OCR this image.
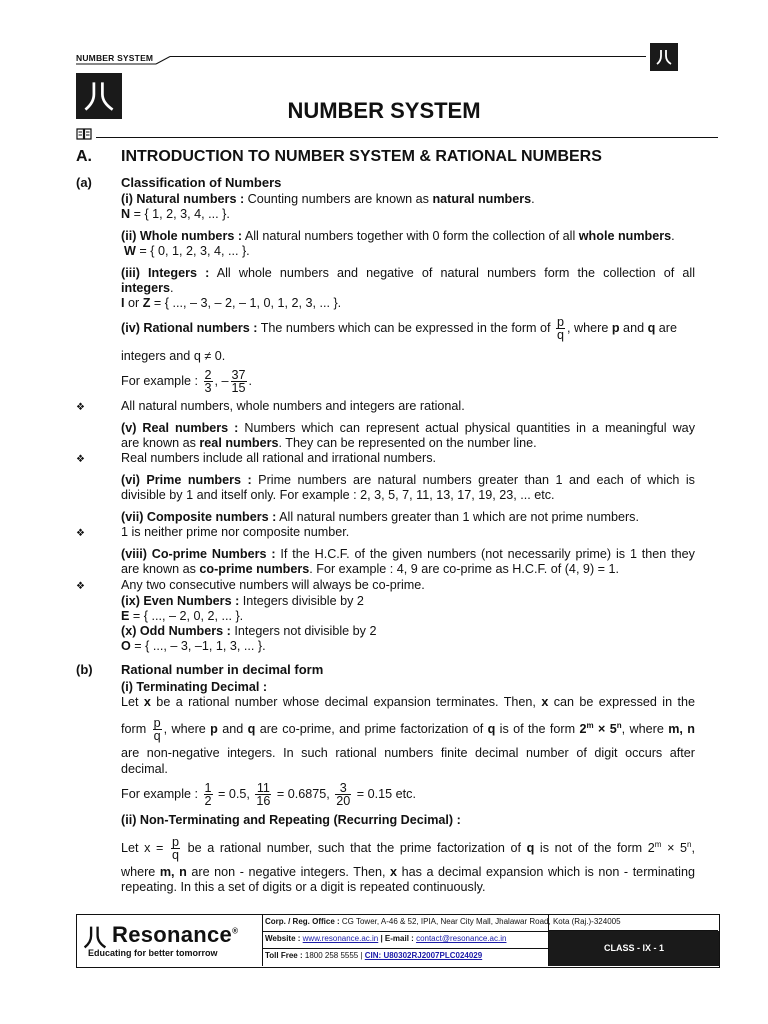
NUMBER SYSTEM
NUMBER SYSTEM
A. INTRODUCTION TO NUMBER SYSTEM & RATIONAL NUMBERS
(a) Classification of Numbers
(i) Natural numbers : Counting numbers are known as natural numbers.
N = { 1, 2, 3, 4, ... }.
(ii) Whole numbers : All natural numbers together with 0 form the collection of all whole numbers.
W = { 0, 1, 2, 3, 4, ... }.
(iii) Integers : All whole numbers and negative of natural numbers form the collection of all
integers.
I or Z = { ..., – 3, – 2, – 1, 0, 1, 2, 3, ... }.
(iv) Rational numbers : The numbers which can be expressed in the form of $\frac{p}{q}$ , where p and q are
integers and q ≠ 0.
For example : $\frac{2}{3}$ , – $\frac{37}{15}$ .
❖	All natural numbers, whole numbers and integers are rational.
(v) Real numbers : Numbers which can represent actual physical quantities in a meaningful way
are known as real numbers. They can be represented on the number line.
❖	Real numbers include all rational and irrational numbers.
(vi) Prime numbers : Prime numbers are natural numbers greater than 1 and each of which is
divisible by 1 and itself only. For example : 2, 3, 5, 7, 11, 13, 17, 19, 23, ... etc.
(vii) Composite numbers : All natural numbers greater than 1 which are not prime numbers.
❖	1 is neither prime nor composite number.
(viii) Co-prime Numbers : If the H.C.F. of the given numbers (not necessarily prime) is 1 then they
are known as co-prime numbers. For example : 4, 9 are co-prime as H.C.F. of (4, 9) = 1.
❖	Any two consecutive numbers will always be co-prime.
(ix) Even Numbers : Integers divisible by 2
E = { ..., – 2, 0, 2, ... }.
(x) Odd Numbers : Integers not divisible by 2
O = { ..., – 3, –1, 1, 3, ... }.
(b) Rational number in decimal form
(i) Terminating Decimal :
Let x be a rational number whose decimal expansion terminates. Then, x can be expressed in the
form $\frac{p}{q}$ , where p and q are co-prime, and prime factorization of q is of the form $2^m \times 5^n$, where m, n
are non-negative integers. In such rational numbers finite decimal number of digit occurs after
decimal.
For example : $\frac{1}{2} = 0.5$, $\frac{11}{16} = 0.6875$, $\frac{3}{20} = 0.15$ etc.
(ii) Non-Terminating and Repeating (Recurring Decimal) :
Let $x = \frac{p}{q}$ be a rational number, such that the prime factorization of q is not of the form $2^m \times 5^n$,
where m, n are non - negative integers. Then, x has a decimal expansion which is non - terminating
repeating. In this a set of digits or a digit is repeated continuously.
Resonance®
Educating for better tomorrow
Corp. / Reg. Office : CG Tower, A-46 & 52, IPIA, Near City Mall, Jhalawar Road, Kota (Raj.)-324005
Website : www.resonance.ac.in | E-mail : contact@resonance.ac.in
Toll Free : 1800 258 5555 | CIN: U80302RJ2007PLC024029
CLASS - IX - 1
